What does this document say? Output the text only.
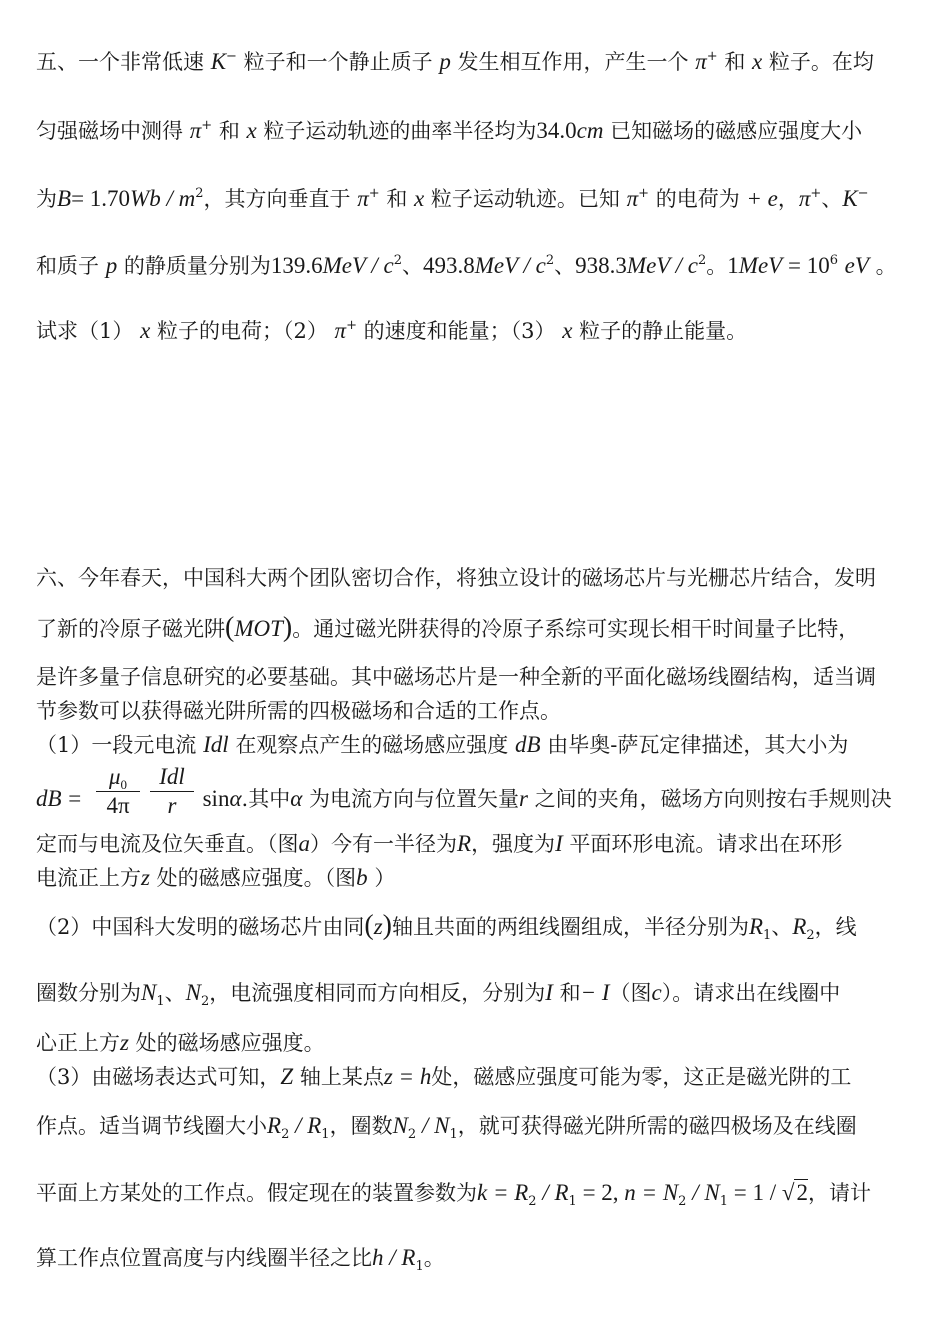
五、一个非常低速 K− 粒子和一个静止质子 p 发生相互作用，产生一个 π+ 和 x 粒子。在均
匀强磁场中测得 π+ 和 x 粒子运动轨迹的曲率半径均为34.0cm 已知磁场的磁感应强度大小
为$B= 1.70Wb / m^2$，其方向垂直于 π+ 和 x 粒子运动轨迹。已知 π+ 的电荷为 + e，π+、K−
和质子 p 的静质量分别为$139.6MeV / c^2$、$493.8MeV / c^2$、$938.3MeV / c^2$。$1MeV = 10^6$ eV 。
试求（1） x 粒子的电荷；（2） π+ 的速度和能量；（3） x 粒子的静止能量。
六、今年春天，中国科大两个团队密切合作，将独立设计的磁场芯片与光栅芯片结合，发明
了新的冷原子磁光阱(MOT)。通过磁光阱获得的冷原子系综可实现长相干时间量子比特，
是许多量子信息研究的必要基础。其中磁场芯片是一种全新的平面化磁场线圈结构，适当调
节参数可以获得磁光阱所需的四极磁场和合适的工作点。
（1）一段元电流 Idl 在观察点产生的磁场感应强度 dB 由毕奥-萨瓦定律描述，其大小为
dB =	sinα.其中α 为电流方向与位置矢量r 之间的夹角，磁场方向则按右手规则决
$\mu_0$
4π
Idl
r
定而与电流及位矢垂直。（图a）今有一半径为R，强度为I 平面环形电流。请求出在环形
电流正上方z 处的磁感应强度。（图b ）
（2）中国科大发明的磁场芯片由同(z)轴且共面的两组线圈组成，半径分别为$R_1$、$R_2$，线
圈数分别为$N_1$、$N_2$，电流强度相同而方向相反，分别为I 和− I（图c）。请求出在线圈中
心正上方z 处的磁场感应强度。
（3）由磁场表达式可知，Z 轴上某点z = h处，磁感应强度可能为零，这正是磁光阱的工
作点。适当调节线圈大小$R_2 / R_1$，圈数$N_2 / N_1$，就可获得磁光阱所需的磁四极场及在线圈
平面上方某处的工作点。假定现在的装置参数为$k = R_2 / R_1 = 2$, $n = N_2 / N_1 = 1 / √2$，请计
算工作点位置高度与内线圈半径之比h / $R_1$。
